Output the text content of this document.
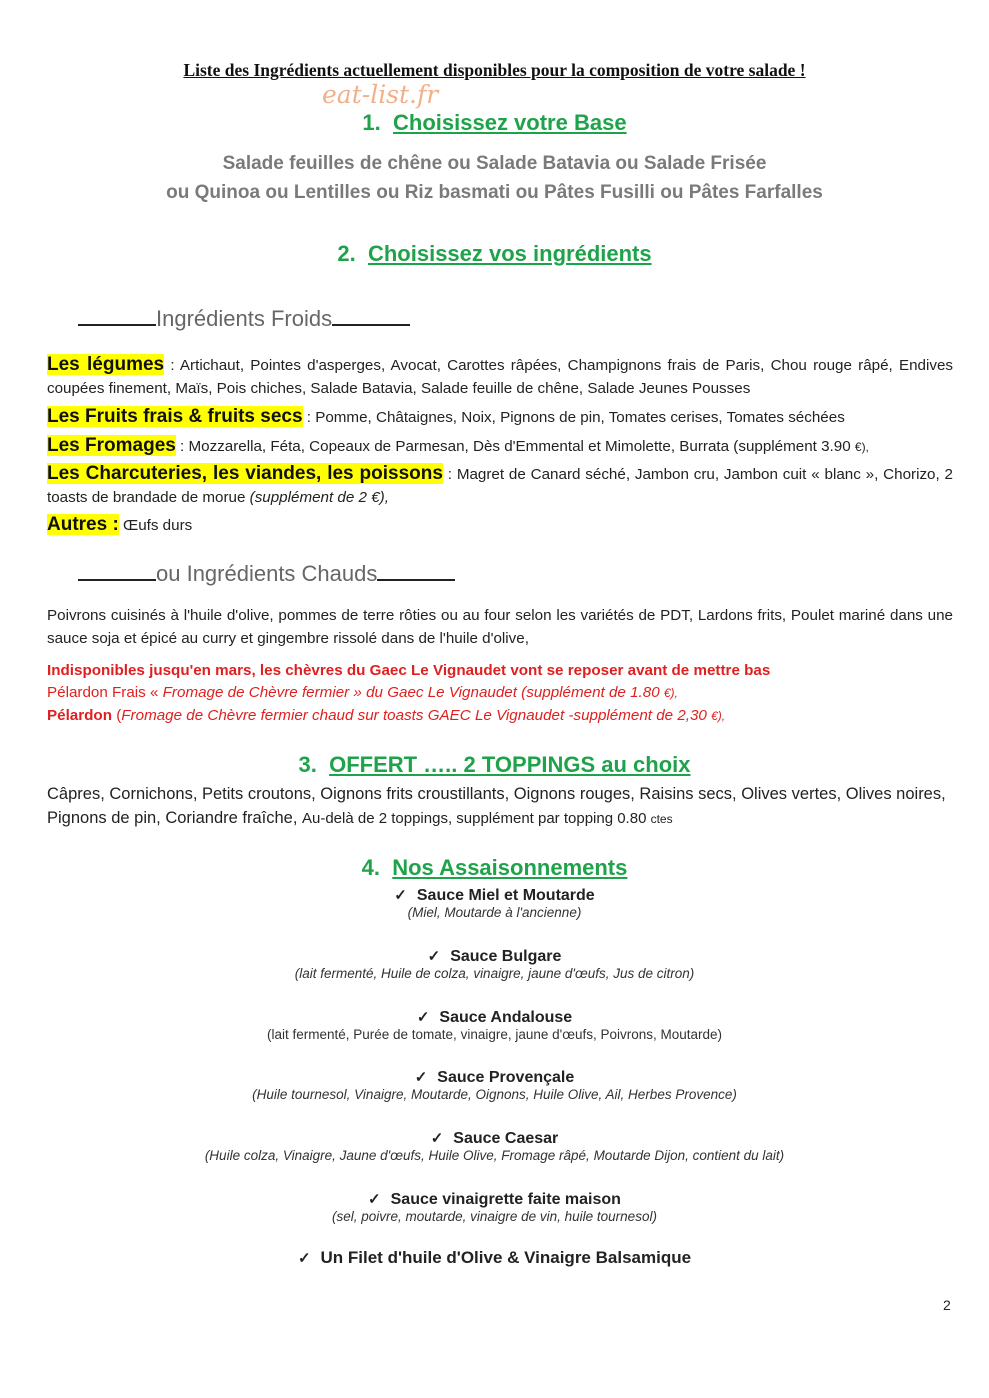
Liste des Ingrédients actuellement disponibles pour la composition de votre salade !
eat-list.fr
1. Choisissez votre Base
Salade feuilles de chêne ou Salade Batavia ou Salade Frisée
ou Quinoa ou Lentilles ou Riz basmati ou Pâtes Fusilli ou Pâtes Farfalles
2. Choisissez vos ingrédients
Ingrédients Froids
Les légumes : Artichaut, Pointes d'asperges, Avocat, Carottes râpées, Champignons frais de Paris, Chou rouge râpé, Endives coupées finement, Maïs, Pois chiches, Salade Batavia, Salade feuille de chêne, Salade Jeunes Pousses
Les Fruits frais & fruits secs : Pomme, Châtaignes, Noix, Pignons de pin, Tomates cerises, Tomates séchées
Les Fromages : Mozzarella, Féta, Copeaux de Parmesan, Dès d'Emmental et Mimolette, Burrata (supplément 3.90 €),
Les Charcuteries, les viandes, les poissons : Magret de Canard séché, Jambon cru, Jambon cuit « blanc », Chorizo, 2 toasts de brandade de morue (supplément de 2 €),
Autres : Œufs durs
ou Ingrédients Chauds
Poivrons cuisinés à l'huile d'olive, pommes de terre rôties ou au four selon les variétés de PDT, Lardons frits, Poulet mariné dans une sauce soja et épicé au curry et gingembre rissolé dans de l'huile d'olive,
Indisponibles jusqu'en mars, les chèvres du Gaec Le Vignaudet vont se reposer avant de mettre bas
Pélardon Frais « Fromage de Chèvre fermier » du Gaec Le Vignaudet (supplément de 1.80 €),
Pélardon (Fromage de Chèvre fermier chaud sur toasts GAEC Le Vignaudet -supplément de 2,30 €),
3. OFFERT ….. 2 TOPPINGS au choix
Câpres, Cornichons, Petits croutons, Oignons frits croustillants, Oignons rouges, Raisins secs, Olives vertes, Olives noires, Pignons de pin, Coriandre fraîche, Au-delà de 2 toppings, supplément par topping 0.80 ctes
4. Nos Assaisonnements
✓ Sauce Miel et Moutarde
(Miel, Moutarde à l'ancienne)
✓ Sauce Bulgare
(lait fermenté, Huile de colza, vinaigre, jaune d'œufs, Jus de citron)
✓ Sauce Andalouse
(lait fermenté, Purée de tomate, vinaigre, jaune d'œufs, Poivrons, Moutarde)
✓ Sauce Provençale
(Huile tournesol, Vinaigre, Moutarde, Oignons, Huile Olive, Ail, Herbes Provence)
✓ Sauce Caesar
(Huile colza, Vinaigre, Jaune d'œufs, Huile Olive, Fromage râpé, Moutarde Dijon, contient du lait)
✓ Sauce vinaigrette faite maison
(sel, poivre, moutarde, vinaigre de vin, huile tournesol)
✓ Un Filet d'huile d'Olive & Vinaigre Balsamique
2
